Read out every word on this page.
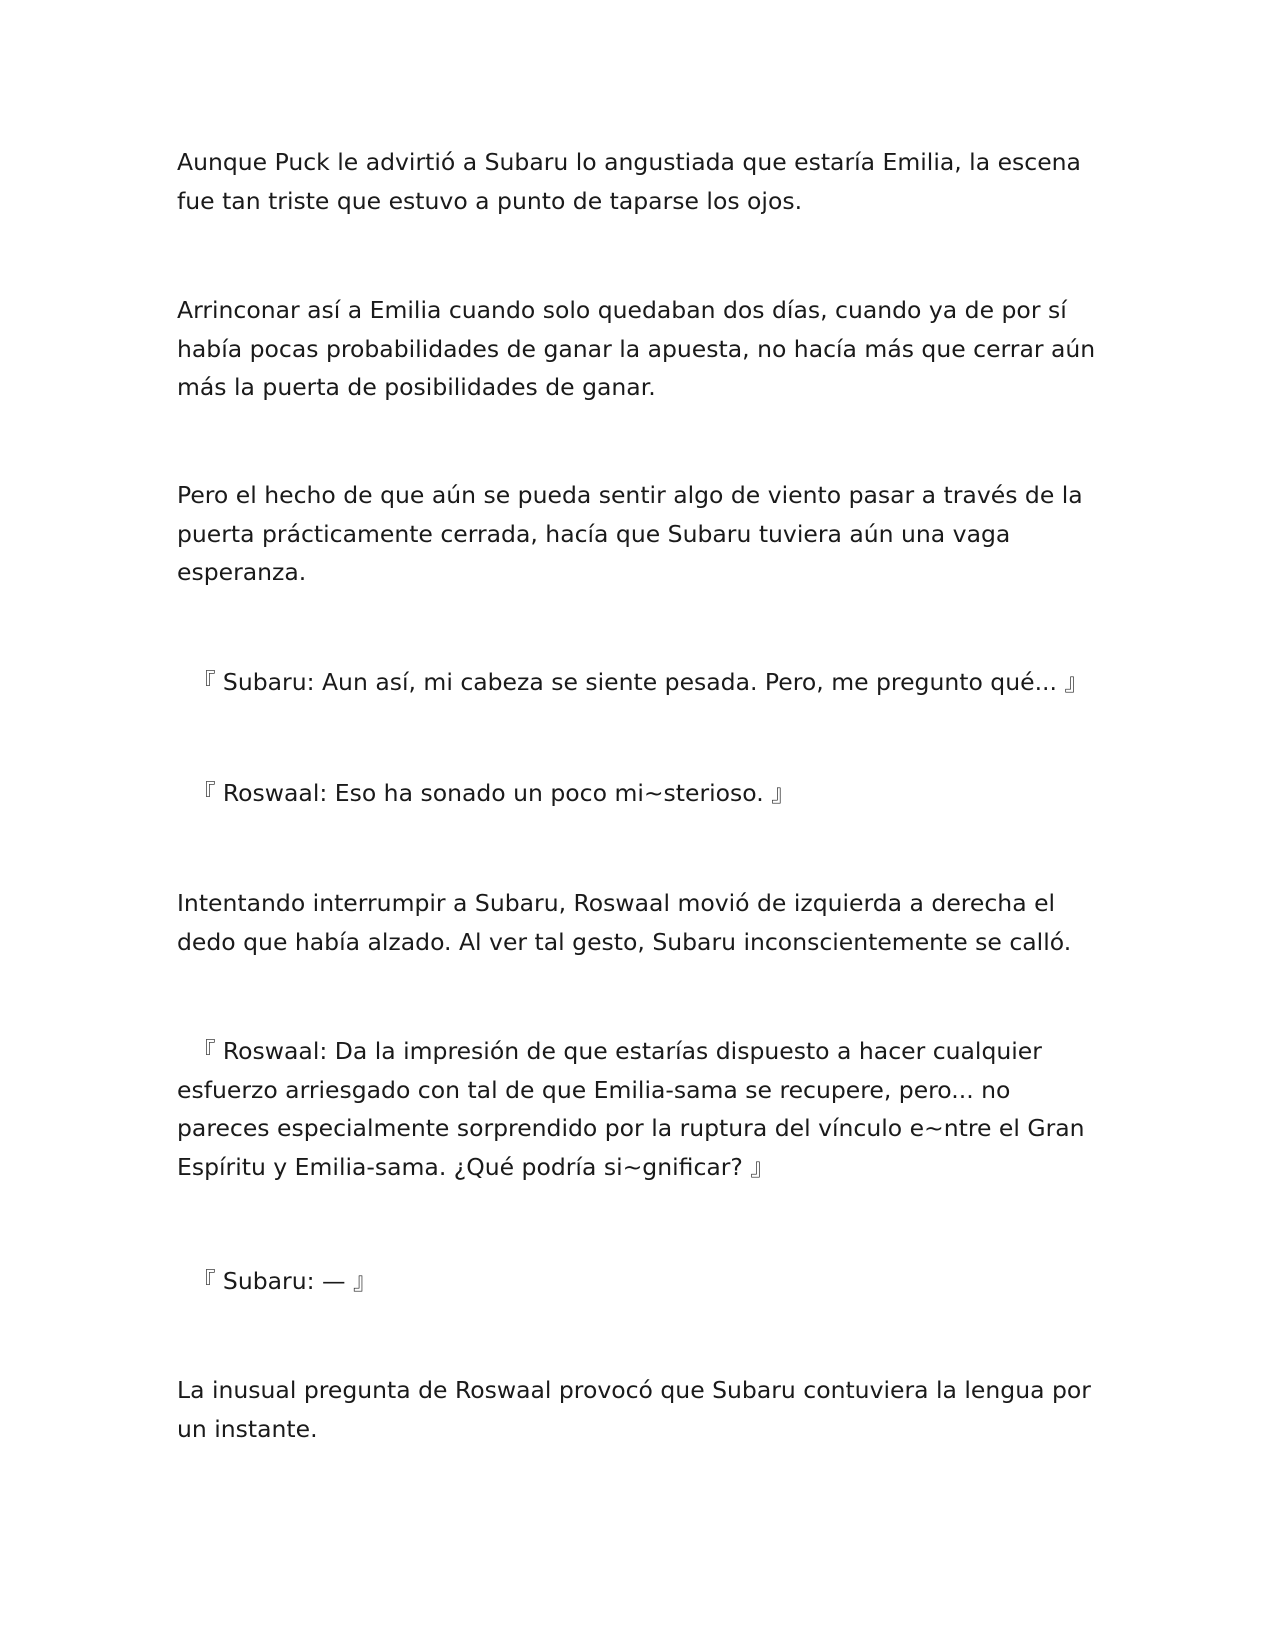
Aunque Puck le advirtió a Subaru lo angustiada que estaría Emilia, la escena
fue tan triste que estuvo a punto de taparse los ojos.

Arrinconar así a Emilia cuando solo quedaban dos días, cuando ya de por sí
había pocas probabilidades de ganar la apuesta, no hacía más que cerrar aún
más la puerta de posibilidades de ganar.

Pero el hecho de que aún se pueda sentir algo de viento pasar a través de la
puerta prácticamente cerrada, hacía que Subaru tuviera aún una vaga
esperanza.

『 Subaru: Aun así, mi cabeza se siente pesada. Pero, me pregunto qué... 』

『 Roswaal: Eso ha sonado un poco mi~sterioso. 』

Intentando interrumpir a Subaru, Roswaal movió de izquierda a derecha el
dedo que había alzado. Al ver tal gesto, Subaru inconscientemente se calló.

『 Roswaal: Da la impresión de que estarías dispuesto a hacer cualquier
esfuerzo arriesgado con tal de que Emilia-sama se recupere, pero... no
pareces especialmente sorprendido por la ruptura del vínculo e~ntre el Gran
Espíritu y Emilia-sama. ¿Qué podría si~gnificar? 』

『 Subaru: — 』

La inusual pregunta de Roswaal provocó que Subaru contuviera la lengua por
un instante.
